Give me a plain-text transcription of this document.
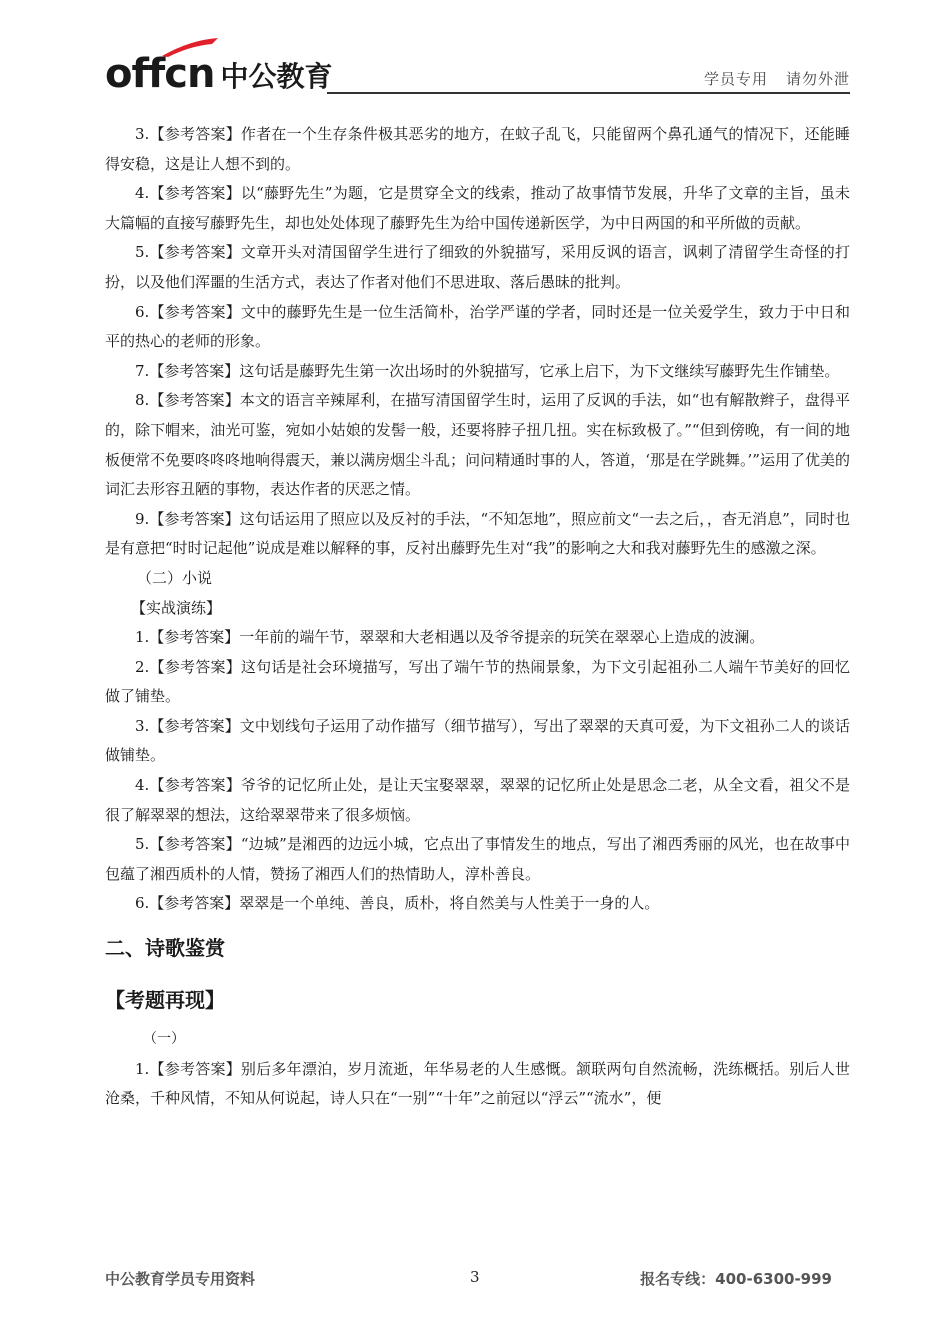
offcn 中公教育	学员专用 请勿外泄

3.【参考答案】作者在一个生存条件极其恶劣的地方，在蚊子乱飞，只能留两个鼻孔通气的情况下，还能睡得安稳，这是让人想不到的。

4.【参考答案】以“藤野先生”为题，它是贯穿全文的线索，推动了故事情节发展，升华了文章的主旨，虽未大篇幅的直接写藤野先生，却也处处体现了藤野先生为给中国传递新医学，为中日两国的和平所做的贡献。

5.【参考答案】文章开头对清国留学生进行了细致的外貌描写，采用反讽的语言，讽刺了清留学生奇怪的打扮，以及他们浑噩的生活方式，表达了作者对他们不思进取、落后愚昧的批判。

6.【参考答案】文中的藤野先生是一位生活简朴，治学严谨的学者，同时还是一位关爱学生，致力于中日和平的热心的老师的形象。

7.【参考答案】这句话是藤野先生第一次出场时的外貌描写，它承上启下，为下文继续写藤野先生作铺垫。

8.【参考答案】本文的语言辛辣犀利，在描写清国留学生时，运用了反讽的手法，如“也有解散辫子，盘得平的，除下帽来，油光可鉴，宛如小姑娘的发髻一般，还要将脖子扭几扭。实在标致极了。”“但到傍晚，有一间的地板便常不免要咚咚咚地响得震天，兼以满房烟尘斗乱；问问精通时事的人，答道，‘那是在学跳舞。’”运用了优美的词汇去形容丑陋的事物，表达作者的厌恶之情。

9.【参考答案】这句话运用了照应以及反衬的手法，“不知怎地”，照应前文“一去之后，，杳无消息”，同时也是有意把“时时记起他”说成是难以解释的事，反衬出藤野先生对“我”的影响之大和我对藤野先生的感激之深。

（二）小说

【实战演练】

1.【参考答案】一年前的端午节，翠翠和大老相遇以及爷爷提亲的玩笑在翠翠心上造成的波澜。

2.【参考答案】这句话是社会环境描写，写出了端午节的热闹景象，为下文引起祖孙二人端午节美好的回忆做了铺垫。

3.【参考答案】文中划线句子运用了动作描写（细节描写），写出了翠翠的天真可爱，为下文祖孙二人的谈话做铺垫。

4.【参考答案】爷爷的记忆所止处，是让天宝娶翠翠，翠翠的记忆所止处是思念二老，从全文看，祖父不是很了解翠翠的想法，这给翠翠带来了很多烦恼。

5.【参考答案】“边城”是湘西的边远小城，它点出了事情发生的地点，写出了湘西秀丽的风光，也在故事中包蕴了湘西质朴的人情，赞扬了湘西人们的热情助人，淳朴善良。

6.【参考答案】翠翠是一个单纯、善良，质朴，将自然美与人性美于一身的人。

二、诗歌鉴赏
【考题再现】

（一）

1.【参考答案】别后多年漂泊，岁月流逝，年华易老的人生感慨。颔联两句自然流畅，洗练概括。别后人世沧桑，千种风情，不知从何说起，诗人只在“一别”“十年”之前冠以“浮云”“流水”，便

中公教育学员专用资料	3	报名专线：400-6300-999
